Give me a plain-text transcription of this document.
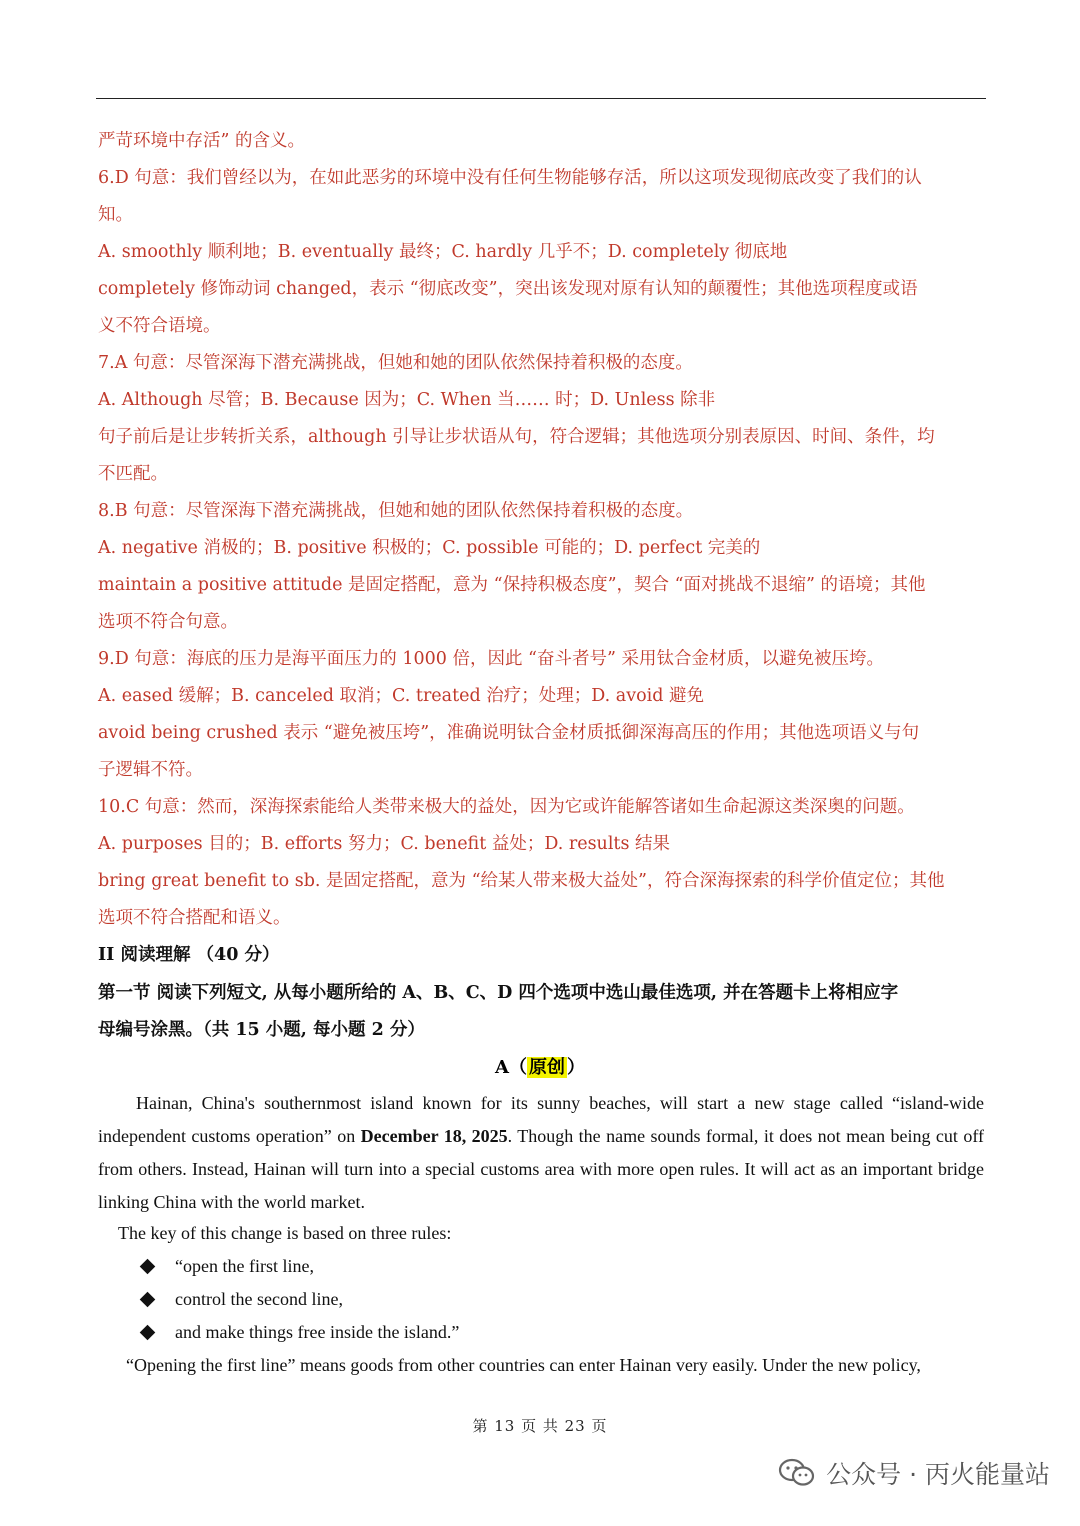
严苛环境中存活” 的含义。
6.D 句意：我们曾经以为，在如此恶劣的环境中没有任何生物能够存活，所以这项发现彻底改变了我们的认
知。
A. smoothly 顺利地；B. eventually 最终；C. hardly 几乎不；D. completely 彻底地
completely 修饰动词 changed，表示 “彻底改变”，突出该发现对原有认知的颠覆性；其他选项程度或语
义不符合语境。
7.A 句意：尽管深海下潜充满挑战，但她和她的团队依然保持着积极的态度。
A. Although 尽管；B. Because 因为；C. When 当…… 时；D. Unless 除非
句子前后是让步转折关系，although 引导让步状语从句，符合逻辑；其他选项分别表原因、时间、条件，均
不匹配。
8.B 句意：尽管深海下潜充满挑战，但她和她的团队依然保持着积极的态度。
A. negative 消极的；B. positive 积极的；C. possible 可能的；D. perfect 完美的
maintain a positive attitude 是固定搭配，意为 “保持积极态度”，契合 “面对挑战不退缩” 的语境；其他
选项不符合句意。
9.D 句意：海底的压力是海平面压力的 1000 倍，因此 “奋斗者号” 采用钛合金材质，以避免被压垮。
A. eased 缓解；B. canceled 取消；C. treated 治疗；处理；D. avoid 避免
avoid being crushed 表示 “避免被压垮”，准确说明钛合金材质抵御深海高压的作用；其他选项语义与句
子逻辑不符。
10.C 句意：然而，深海探索能给人类带来极大的益处，因为它或许能解答诸如生命起源这类深奥的问题。
A. purposes 目的；B. efforts 努力；C. benefit 益处；D. results 结果
bring great benefit to sb. 是固定搭配，意为 “给某人带来极大益处”，符合深海探索的科学价值定位；其他
选项不符合搭配和语义。
II 阅读理解 （40 分）
第一节 阅读下列短文, 从每小题所给的 A、B、C、D 四个选项中选山最佳选项, 并在答题卡上将相应字
母编号涂黑。（共 15 小题, 每小题 2 分）
A（ 原创 ）
Hainan, China's southernmost island known for its sunny beaches, will start a new stage called “island-wide independent customs operation” on December 18, 2025. Though the name sounds formal, it does not mean being cut off from others. Instead, Hainan will turn into a special customs area with more open rules. It will act as an important bridge linking China with the world market.
The key of this change is based on three rules:
“open the first line,
control the second line,
and make things free inside the island.”
“Opening the first line” means goods from other countries can enter Hainan very easily. Under the new policy,
第 13 页 共 23 页
公众号 · 丙火能量站
